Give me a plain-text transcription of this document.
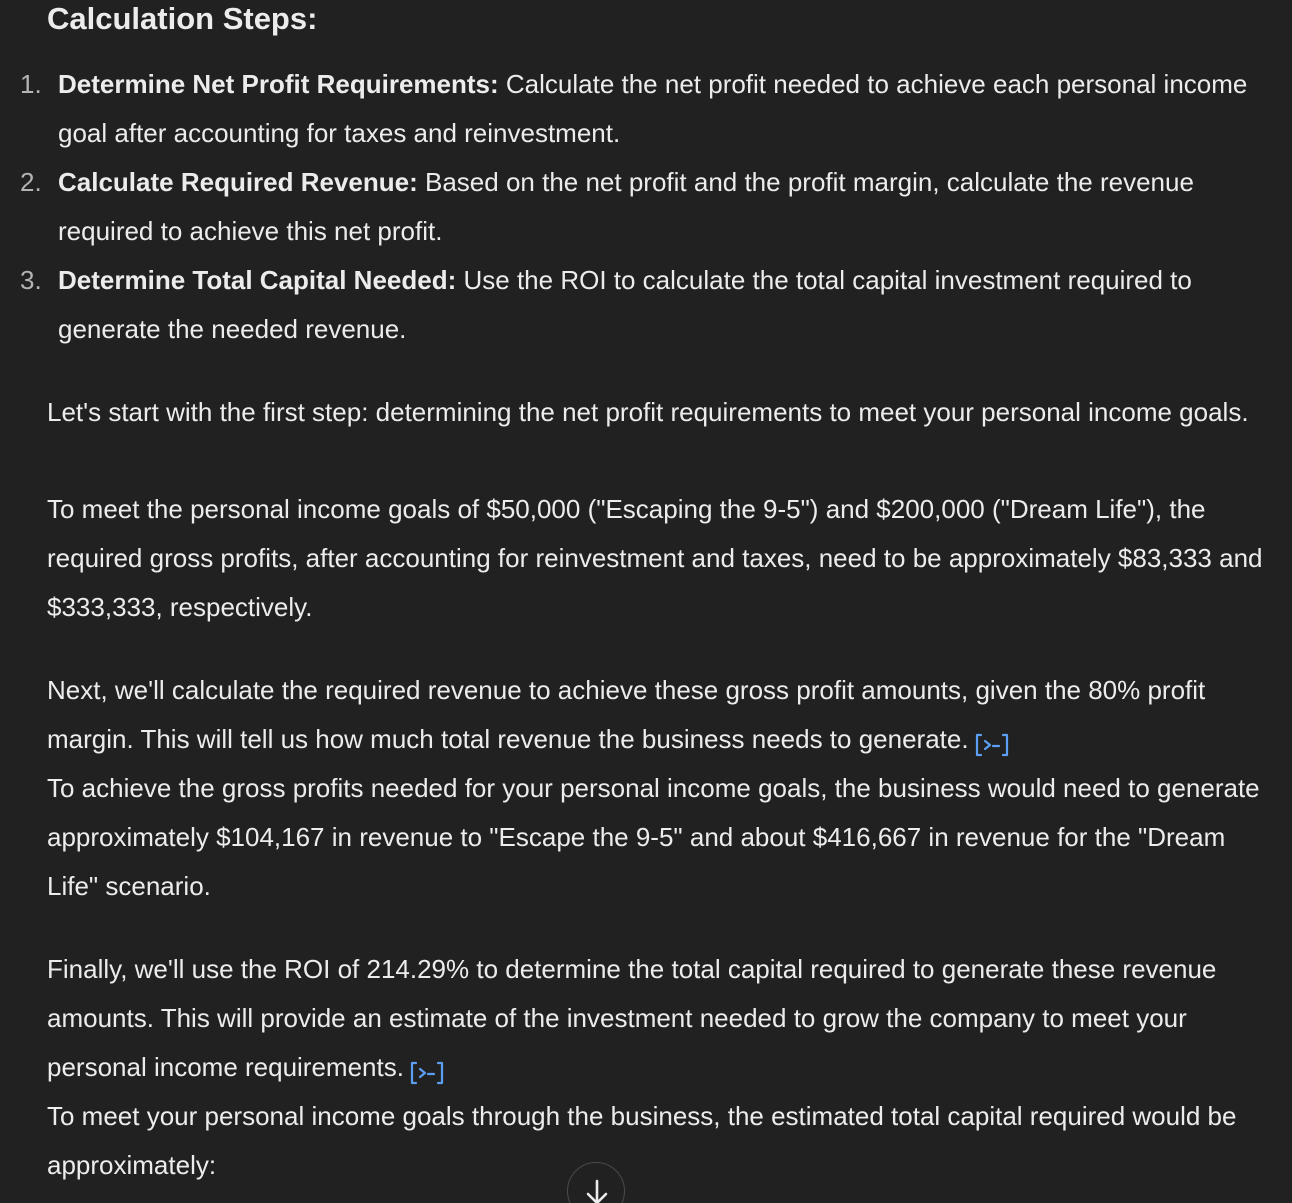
Calculation Steps:
1. Determine Net Profit Requirements: Calculate the net profit needed to achieve each personal income goal after accounting for taxes and reinvestment.
2. Calculate Required Revenue: Based on the net profit and the profit margin, calculate the revenue required to achieve this net profit.
3. Determine Total Capital Needed: Use the ROI to calculate the total capital investment required to generate the needed revenue.

Let's start with the first step: determining the net profit requirements to meet your personal income goals.

To meet the personal income goals of $50,000 ("Escaping the 9-5") and $200,000 ("Dream Life"), the required gross profits, after accounting for reinvestment and taxes, need to be approximately $83,333 and $333,333, respectively.

Next, we'll calculate the required revenue to achieve these gross profit amounts, given the 80% profit margin. This will tell us how much total revenue the business needs to generate.

To achieve the gross profits needed for your personal income goals, the business would need to generate approximately $104,167 in revenue to "Escape the 9-5" and about $416,667 in revenue for the "Dream Life" scenario.

Finally, we'll use the ROI of 214.29% to determine the total capital required to generate these revenue amounts. This will provide an estimate of the investment needed to grow the company to meet your personal income requirements.

To meet your personal income goals through the business, the estimated total capital required would be approximately:
